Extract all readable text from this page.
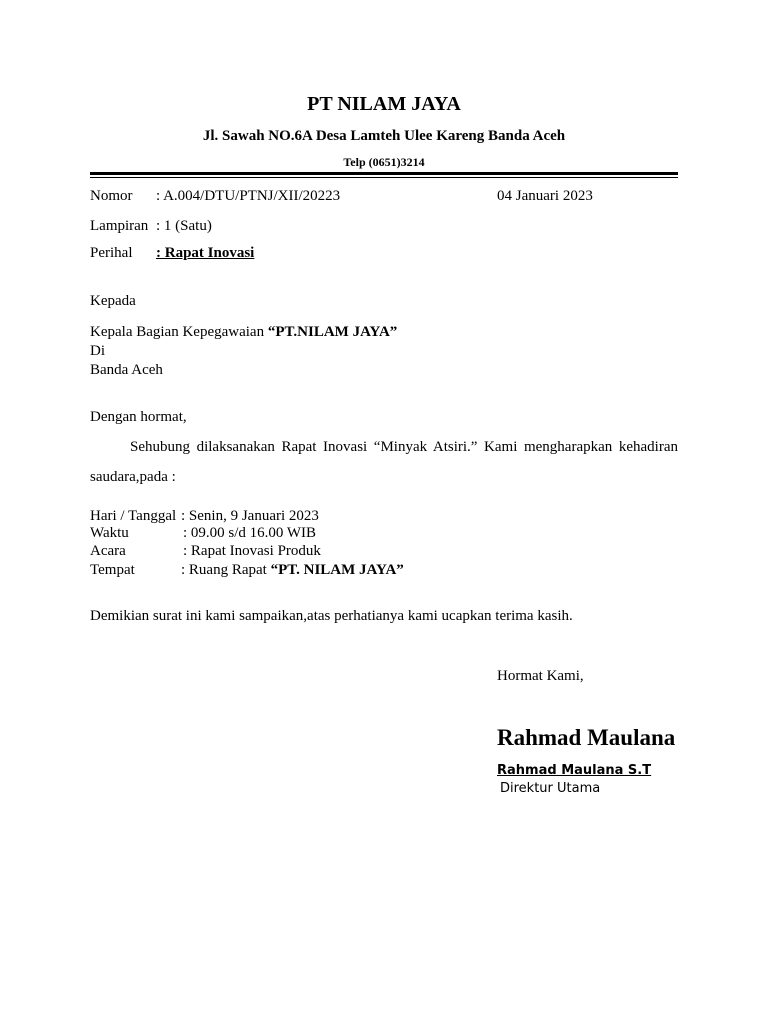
PT NILAM JAYA
Jl. Sawah NO.6A Desa Lamteh Ulee Kareng Banda Aceh
Telp (0651)3214
Nomor : A.004/DTU/PTNJ/XII/20223	04 Januari 2023
Lampiran : 1 (Satu)
Perihal : Rapat Inovasi
Kepada
Kepala Bagian Kepegawaian “PT.NILAM JAYA”
Di
Banda Aceh
Dengan hormat,
Sehubung dilaksanakan Rapat Inovasi “Minyak Atsiri.” Kami mengharapkan kehadiran saudara,pada :
Hari / Tanggal : Senin, 9 Januari 2023
Waktu	: 09.00 s/d 16.00 WIB
Acara	: Rapat Inovasi Produk
Tempat	: Ruang Rapat “PT. NILAM JAYA”
Demikian surat ini kami sampaikan,atas perhatianya kami ucapkan terima kasih.
Hormat Kami,
Rahmad Maulana
Rahmad Maulana S.T
Direktur Utama
